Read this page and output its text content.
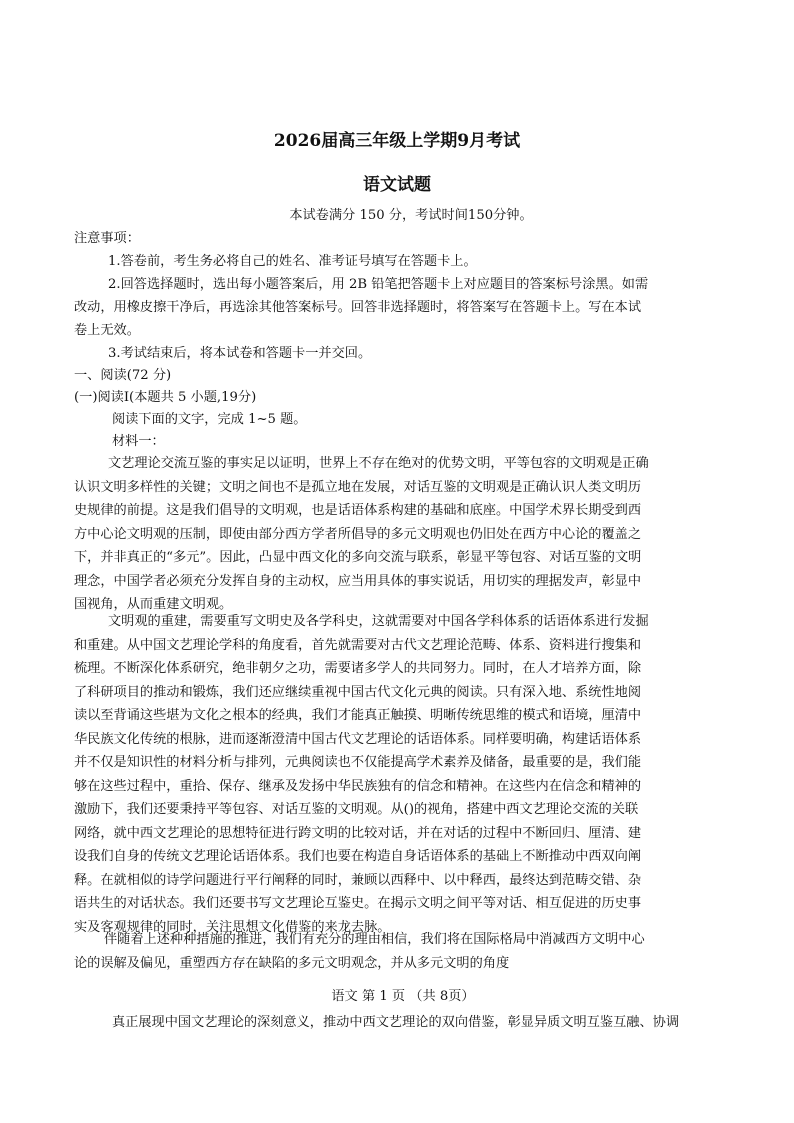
2026届高三年级上学期9月考试
语文试题
本试卷满分 150 分，考试时间150分钟。
注意事项：
1.答卷前，考生务必将自己的姓名、准考证号填写在答题卡上。
2.回答选择题时，选出每小题答案后，用 2B 铅笔把答题卡上对应题目的答案标号涂黑。如需
改动，用橡皮擦干净后，再选涂其他答案标号。回答非选择题时，将答案写在答题卡上。写在本试
卷上无效。
3.考试结束后，将本试卷和答题卡一并交回。
一、阅读(72 分)
(一)阅读Ⅰ(本题共 5 小题,19分)
阅读下面的文字，完成 1~5 题。
材料一：
文艺理论交流互鉴的事实足以证明，世界上不存在绝对的优势文明，平等包容的文明观是正确
认识文明多样性的关键；文明之间也不是孤立地在发展，对话互鉴的文明观是正确认识人类文明历
史规律的前提。这是我们倡导的文明观，也是话语体系构建的基础和底座。中国学术界长期受到西
方中心论文明观的压制，即使由部分西方学者所倡导的多元文明观也仍旧处在西方中心论的覆盖之
下，并非真正的“多元”。因此，凸显中西文化的多向交流与联系，彰显平等包容、对话互鉴的文明
理念，中国学者必须充分发挥自身的主动权，应当用具体的事实说话，用切实的理据发声，彰显中
国视角，从而重建文明观。
文明观的重建，需要重写文明史及各学科史，这就需要对中国各学科体系的话语体系进行发掘
和重建。从中国文艺理论学科的角度看，首先就需要对古代文艺理论范畴、体系、资料进行搜集和
梳理。不断深化体系研究，绝非朝夕之功，需要诸多学人的共同努力。同时，在人才培养方面，除
了科研项目的推动和锻炼，我们还应继续重视中国古代文化元典的阅读。只有深入地、系统性地阅
读以至背诵这些堪为文化之根本的经典，我们才能真正触摸、明晰传统思维的模式和语境，厘清中
华民族文化传统的根脉，进而逐渐澄清中国古代文艺理论的话语体系。同样要明确，构建话语体系
并不仅是知识性的材料分析与排列，元典阅读也不仅能提高学术素养及储备，最重要的是，我们能
够在这些过程中，重拾、保存、继承及发扬中华民族独有的信念和精神。在这些内在信念和精神的
激励下，我们还要秉持平等包容、对话互鉴的文明观。从()的视角，搭建中西文艺理论交流的关联
网络，就中西文艺理论的思想特征进行跨文明的比较对话，并在对话的过程中不断回归、厘清、建
设我们自身的传统文艺理论话语体系。我们也要在构造自身话语体系的基础上不断推动中西双向阐
释。在就相似的诗学问题进行平行阐释的同时，兼顾以西释中、以中释西，最终达到范畴交错、杂
语共生的对话状态。我们还要书写文艺理论互鉴史。在揭示文明之间平等对话、相互促进的历史事
实及客观规律的同时，关注思想文化借鉴的来龙去脉。
伴随着上述种种措施的推进，我们有充分的理由相信，我们将在国际格局中消减西方文明中心
论的误解及偏见，重塑西方存在缺陷的多元文明观念，并从多元文明的角度
语文 第 1 页 （共 8页）
真正展现中国文艺理论的深刻意义，推动中西文艺理论的双向借鉴，彰显异质文明互鉴互融、协调
